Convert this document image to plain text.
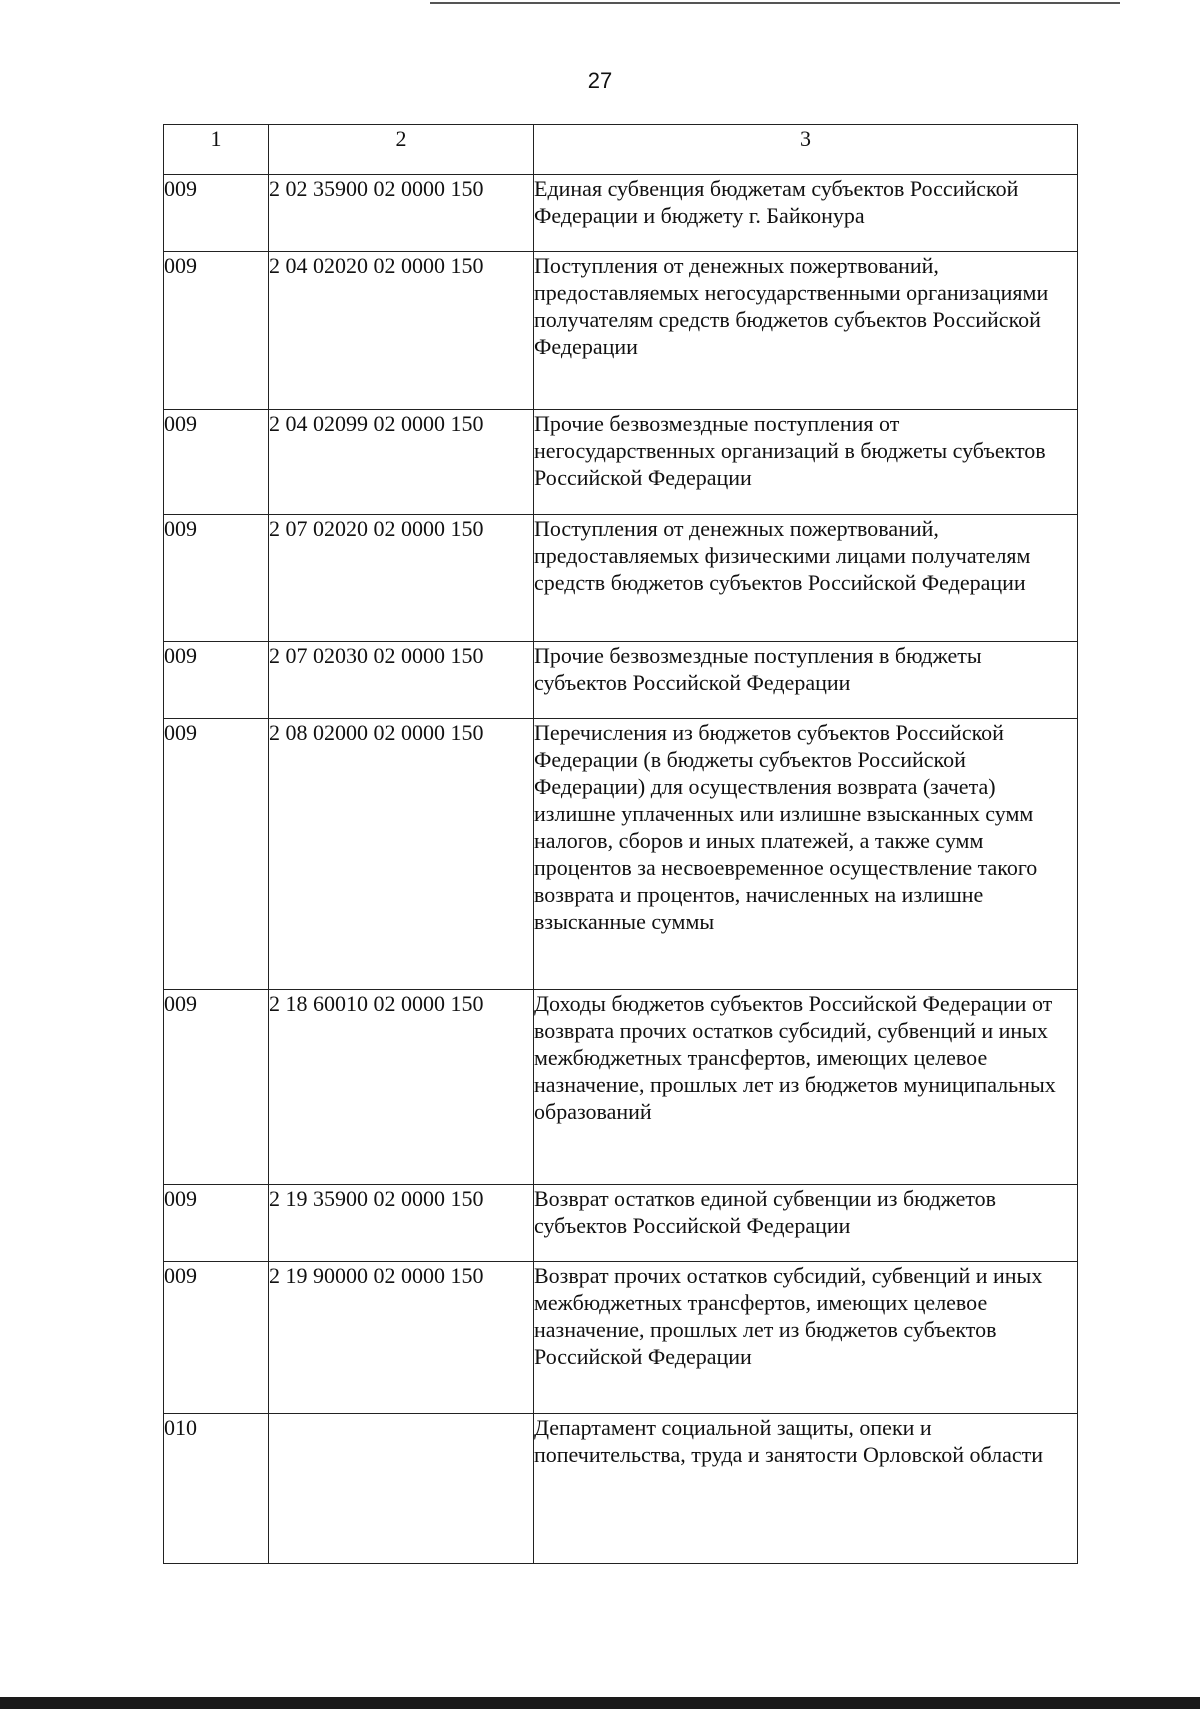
27
1	2	3
009	2 02 35900 02 0000 150	Единая субвенция бюджетам субъектов Российской Федерации и бюджету г. Байконура
009	2 04 02020 02 0000 150	Поступления от денежных пожертвований, предоставляемых негосударственными организациями получателям средств бюджетов субъектов Российской Федерации
009	2 04 02099 02 0000 150	Прочие безвозмездные поступления от негосударственных организаций в бюджеты субъектов Российской Федерации
009	2 07 02020 02 0000 150	Поступления от денежных пожертвований, предоставляемых физическими лицами получателям средств бюджетов субъектов Российской Федерации
009	2 07 02030 02 0000 150	Прочие безвозмездные поступления в бюджеты субъектов Российской Федерации
009	2 08 02000 02 0000 150	Перечисления из бюджетов субъектов Российской Федерации (в бюджеты субъектов Российской Федерации) для осуществления возврата (зачета) излишне уплаченных или излишне взысканных сумм налогов, сборов и иных платежей, а также сумм процентов за несвоевременное осуществление такого возврата и процентов, начисленных на излишне взысканные суммы
009	2 18 60010 02 0000 150	Доходы бюджетов субъектов Российской Федерации от возврата прочих остатков субсидий, субвенций и иных межбюджетных трансфертов, имеющих целевое назначение, прошлых лет из бюджетов муниципальных образований
009	2 19 35900 02 0000 150	Возврат остатков единой субвенции из бюджетов субъектов Российской Федерации
009	2 19 90000 02 0000 150	Возврат прочих остатков субсидий, субвенций и иных межбюджетных трансфертов, имеющих целевое назначение, прошлых лет из бюджетов субъектов Российской Федерации
010		Департамент социальной защиты, опеки и попечительства, труда и занятости Орловской области
